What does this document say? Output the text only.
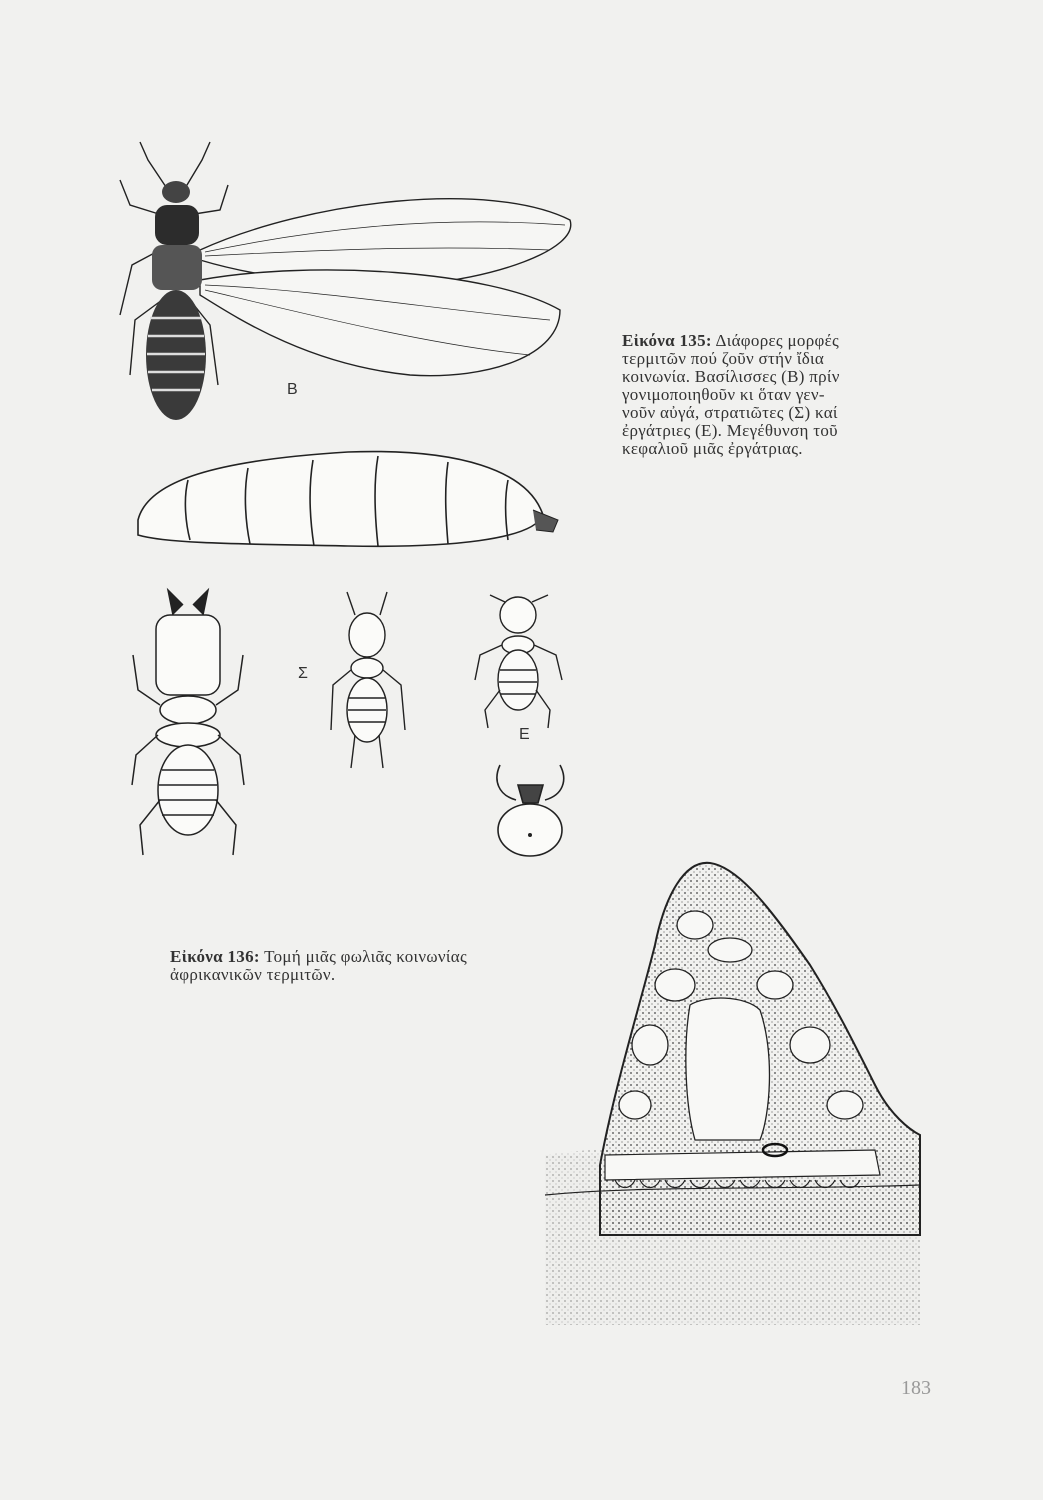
B
Σ
E
Εἰκόνα 135: Διάφορες μορφές
τερμιτῶν πού ζοῦν στήν ἴδια
κοινωνία. Βασίλισσες (Β) πρίν
γονιμοποιηθοῦν κι ὅταν γεν-
νοῦν αὐγά, στρατιῶτες (Σ) καί
ἐργάτριες (Ε). Μεγέθυνση τοῦ
κεφαλιοῦ μιᾶς ἐργάτριας.
Εἰκόνα 136: Τομή μιᾶς φωλιᾶς κοινωνίας
ἀφρικανικῶν τερμιτῶν.
183
